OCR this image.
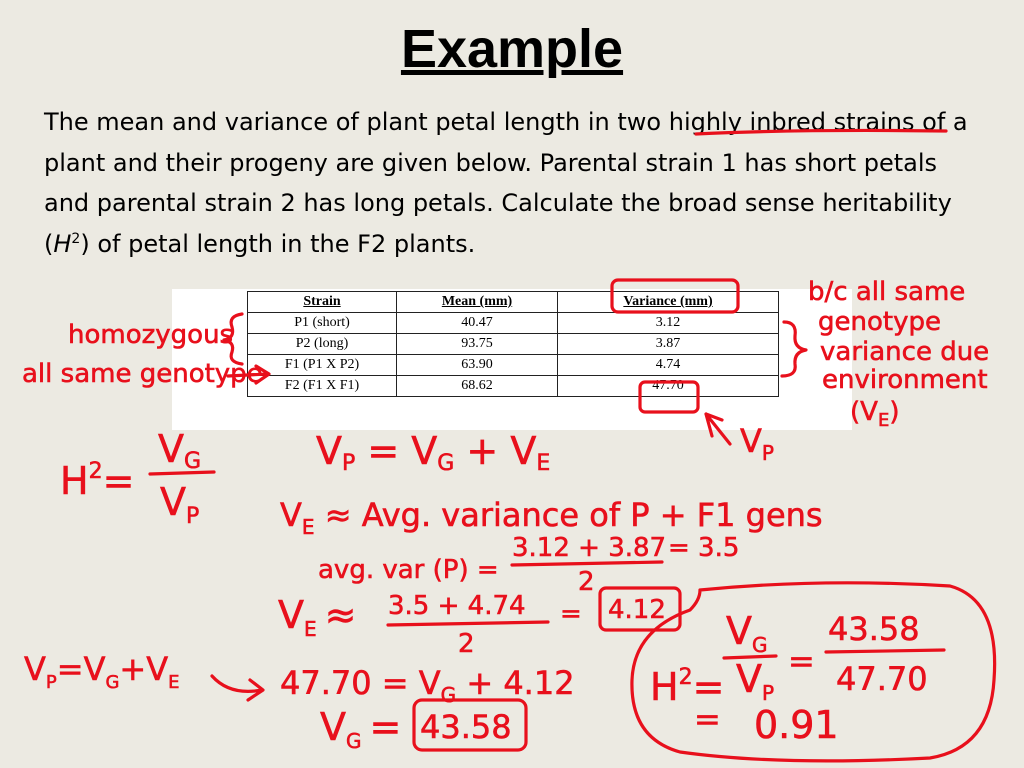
Example
The mean and variance of plant petal length in two highly inbred strains of a plant and their progeny are given below. Parental strain 1 has short petals and parental strain 2 has long petals. Calculate the broad sense heritability $(H^2)$ of petal length in the F2 plants.
Strain	Mean (mm)	Variance (mm)
P1 (short)	40.47	3.12
P2 (long)	93.75	3.87
F1 (P1 X P2)	63.90	4.74
F2 (F1 X F1)	68.62	47.70
homozygous
all same genotype
b/c all same
genotype
variance due
environment
$(V_E)$
$V_P$
$H^2=$
VG
$V_P$
VP = VG + VE
$V_E$ ≈ Avg. variance of P + F1 gens
avg. var (P) =
3.12 + 3.87
2
= 3.5
$V_E \approx 3.5 + 4.74$
2
= 4.12
$V_P=V_G+V_E$	$47.70 = V_G + 4.12$
$V_G = 43.58$
$H^2=$
$V_G$
$V_P$
=
43.58
47.70
= 0.91
